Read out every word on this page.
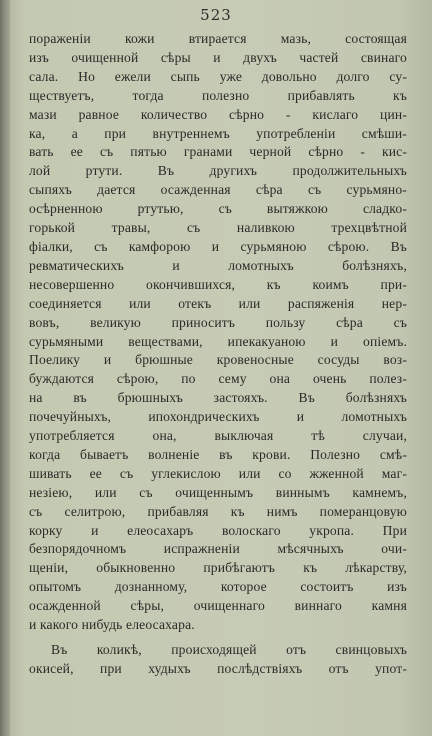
523
пораженіи кожи втирается мазь, состоящая
изъ очищенной сѣры и двухъ частей свинаго
сала. Но ежели сыпь уже довольно долго су-
ществуетъ, тогда полезно прибавлять къ
мази равное количество сѣрно - кислаго цин-
ка, а при внутреннемъ употребленіи смѣши-
вать ее съ пятью гранами черной сѣрно - кис-
лой ртути. Въ другихъ продолжительныхъ
сыпяхъ дается осажденная сѣра съ сурьмяно-
осѣрненною ртутью, съ вытяжкою сладко-
горькой травы, съ наливкою трехцвѣтной
фіалки, съ камфорою и сурьмяною сѣрою. Въ
ревматическихъ и ломотныхъ болѣзняхъ,
несовершенно окончившихся, къ коимъ при-
соединяется или отекъ или распяженія нер-
вовъ, великую приноситъ пользу сѣра съ
сурьмяными веществами, ипекакуаною и опіемъ.
Поелику и брюшные кровеносные сосуды воз-
буждаются сѣрою, по сему она очень полез-
на въ брюшныхъ застояхъ. Въ болѣзняхъ
почечуйныхъ, ипохондрическихъ и ломотныхъ
употребляется она, выключая тѣ случаи,
когда бываетъ волненіе въ крови. Полезно смѣ-
шивать ее съ углекислою или со жженной маг-
незіею, или съ очищеннымъ виннымъ камнемъ,
съ селитрою, прибавляя къ нимъ померанцовую
корку и елеосахаръ волоскаго укропа. При
безпорядочномъ испражненіи мѣсячныхъ очи-
щеніи, обыкновенно прибѣгаютъ къ лѣкарству,
опытомъ дознанному, которое состоитъ изъ
осажденной сѣры, очищеннаго виннаго камня
и какого нибудь елеосахара.
Въ коликѣ, происходящей отъ свинцовыхъ
окисей, при худыхъ послѣдствіяхъ отъ упот-
